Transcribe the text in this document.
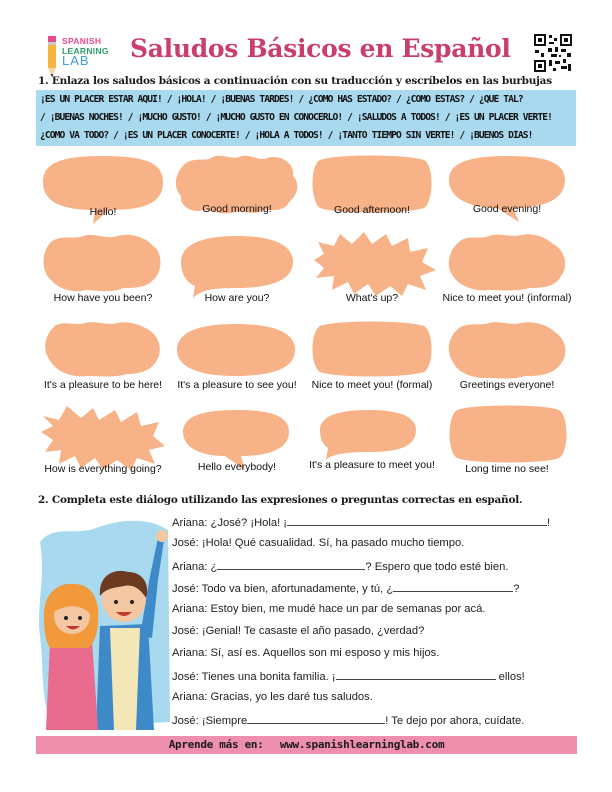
SPANISH
LEARNING
LAB	Saludos Básicos en Español
1. Enlaza los saludos básicos a continuación con su traducción y escríbelos en las burbujas
¡ES UN PLACER ESTAR AQUÍ! / ¡HOLA! / ¡BUENAS TARDES! / ¿CÓMO HAS ESTADO? / ¿CÓMO ESTÁS? / ¿QUÉ TAL?
/ ¡BUENAS NOCHES! / ¡MUCHO GUSTO! / ¡MUCHO GUSTO EN CONOCERLO! / ¡SALUDOS A TODOS! / ¡ES UN PLACER VERTE!
¿CÓMO VA TODO? / ¡ES UN PLACER CONOCERTE! / ¡HOLA A TODOS! / ¡TANTO TIEMPO SIN VERTE! / ¡BUENOS DÍAS!
Hello!	Good morning!	Good afternoon!	Good evening!
How have you been?	How are you?	What's up?	Nice to meet you! (informal)
It's a pleasure to be here!	It's a pleasure to see you!	Nice to meet you! (formal)	Greetings everyone!
How is everything going?	Hello everybody!	It's a pleasure to meet you!	Long time no see!
2. Completa este diálogo utilizando las expresiones o preguntas correctas en español.
Ariana: ¿José? ¡Hola! ¡	!
José: ¡Hola! Qué casualidad. Sí, ha pasado mucho tiempo.
Ariana: ¿	? Espero que todo esté bien.
José: Todo va bien, afortunadamente, y tú, ¿	?
Ariana: Estoy bien, me mudé hace un par de semanas por acá.
José: ¡Genial! Te casaste el año pasado, ¿verdad?
Ariana: Sí, así es. Aquellos son mi esposo y mis hijos.
José: Tienes una bonita familia. ¡	ellos!
Ariana: Gracias, yo les daré tus saludos.
José: ¡Siempre	! Te dejo por ahora, cuídate.
Aprende más en: www.spanishlearninglab.com
